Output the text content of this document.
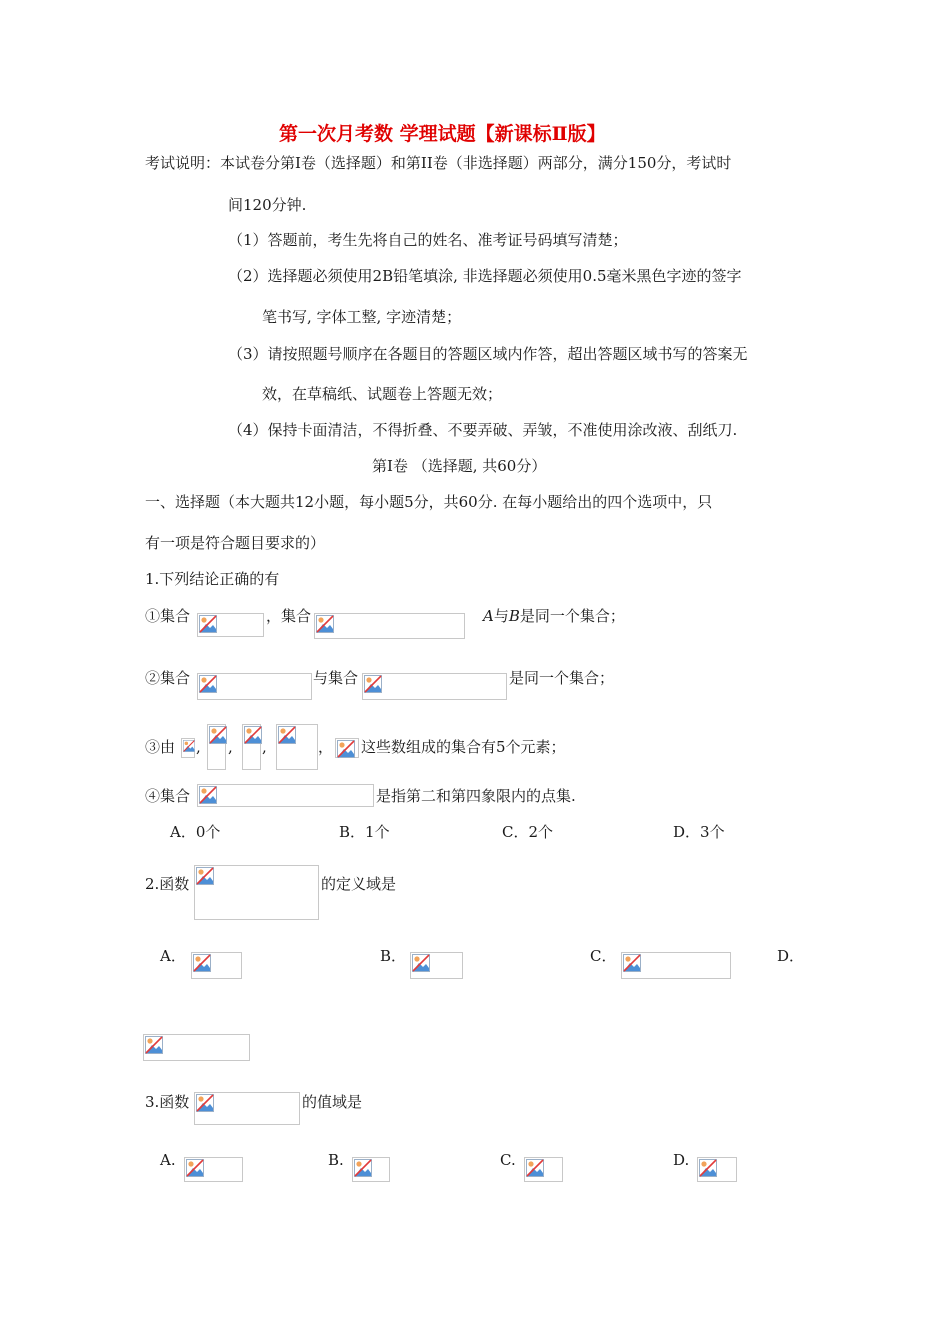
第一次月考数 学理试题【新课标Ⅱ版】
考试说明：本试卷分第Ⅰ卷（选择题）和第II卷（非选择题）两部分，满分150分，考试时
间120分钟.
（1）答题前，考生先将自己的姓名、准考证号码填写清楚；
（2）选择题必须使用2B铅笔填涂, 非选择题必须使用0.5毫米黑色字迹的签字
笔书写, 字体工整, 字迹清楚；
（3）请按照题号顺序在各题目的答题区域内作答，超出答题区域书写的答案无
效，在草稿纸、试题卷上答题无效；
（4）保持卡面清洁，不得折叠、不要弄破、弄皱，不准使用涂改液、刮纸刀.
第Ⅰ卷 （选择题, 共60分）
一、选择题（本大题共12小题，每小题5分，共60分. 在每小题给出的四个选项中，只
有一项是符合题目要求的）
1.下列结论正确的有
①集合	，集合	A与B是同一个集合；
②集合	与集合	是同一个集合；
③由 , , ,	， 这些数组成的集合有5个元素；
④集合	是指第二和第四象限内的点集.
A．0个	B．1个	C．2个	D．3个
2.函数	的定义域是
A．	B．	C．	D．
3.函数	的值域是
A.	B.	C.	D.
